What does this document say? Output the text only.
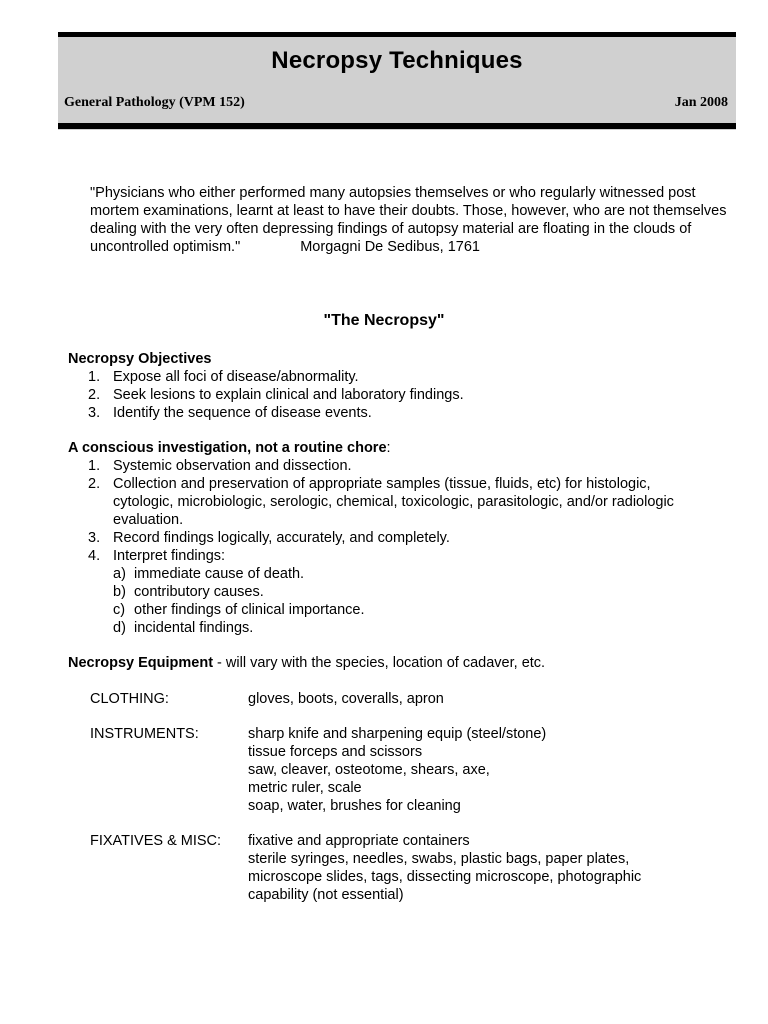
Necropsy Techniques
General Pathology (VPM 152)	Jan 2008
"Physicians who either performed many autopsies themselves or who regularly witnessed post mortem examinations, learnt at least to have their doubts. Those, however, who are not themselves dealing with the very often depressing findings of autopsy material are floating in the clouds of uncontrolled optimism."	Morgagni De Sedibus, 1761
"The Necropsy"
Necropsy Objectives
1. Expose all foci of disease/abnormality.
2. Seek lesions to explain clinical and laboratory findings.
3. Identify the sequence of disease events.
A conscious investigation, not a routine chore:
1. Systemic observation and dissection.
2. Collection and preservation of appropriate samples (tissue, fluids, etc) for histologic, cytologic, microbiologic, serologic, chemical, toxicologic, parasitologic, and/or radiologic evaluation.
3. Record findings logically, accurately, and completely.
4. Interpret findings:
a) immediate cause of death.
b) contributory causes.
c) other findings of clinical importance.
d) incidental findings.
Necropsy Equipment - will vary with the species, location of cadaver, etc.
CLOTHING:	gloves, boots, coveralls, apron
INSTRUMENTS:	sharp knife and sharpening equip (steel/stone)
tissue forceps and scissors
saw, cleaver, osteotome, shears, axe,
metric ruler, scale
soap, water, brushes for cleaning
FIXATIVES & MISC:	fixative and appropriate containers
sterile syringes, needles, swabs, plastic bags, paper plates,
microscope slides, tags, dissecting microscope, photographic
capability (not essential)
